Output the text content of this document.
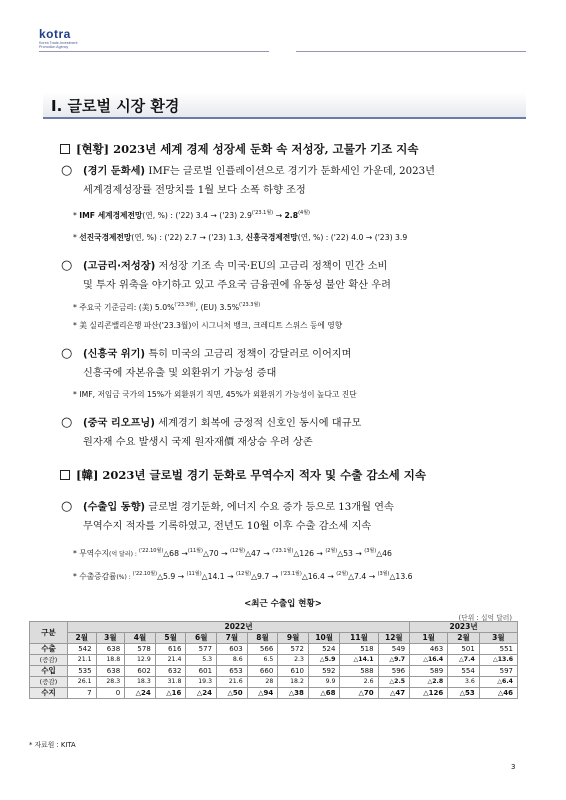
kotra
Korea Trade-Investment
Promotion Agency
Ⅰ. 글로벌 시장 환경
[현황] 2023년 세계 경제 성장세 둔화 속 저성장, 고물가 기조 지속
○ (경기 둔화세) IMF는 글로벌 인플레이션으로 경기가 둔화세인 가운데, 2023년
세계경제성장률 전망치를 1월 보다 소폭 하향 조정
* IMF 세계경제전망(연, %) : ('22) 3.4 → ('23) $2.9^{('23.1월)} \to 2.8^{(4월)}$
* 선진국경제전망(연, %) : ('22) 2.7 → ('23) 1.3, 신흥국경제전망(연, %) : ('22) 4.0 → ('23) 3.9
○ (고금리·저성장) 저성장 기조 속 미국·EU의 고금리 정책이 민간 소비
및 투자 위축을 야기하고 있고 주요국 금융권에 유동성 불안 확산 우려
* 주요국 기준금리: (美) 5.0%$^{('23.3월)}$, (EU) 3.5%$^{('23.3월)}$
* 美 실리콘밸리은행 파산('23.3월)이 시그니처 뱅크, 크레디트 스위스 등에 영향
○ (신흥국 위기) 특히 미국의 고금리 정책이 강달러로 이어지며
신흥국에 자본유출 및 외환위기 가능성 증대
* IMF, 저임금 국가의 15%가 외환위기 직면, 45%가 외환위기 가능성이 높다고 진단
○ (중국 리오프닝) 세계경기 회복에 긍정적 신호인 동시에 대규모
원자재 수요 발생시 국제 원자재價 재상승 우려 상존
[韓] 2023년 글로벌 경기 둔화로 무역수지 적자 및 수출 감소세 지속
○ (수출입 동향) 글로벌 경기둔화, 에너지 수요 증가 등으로 13개월 연속
무역수지 적자를 기록하였고, 전년도 10월 이후 수출 감소세 지속
* 무역수지(억 달러) : $^{('22.10월)}$△68 →$^{(11월)}$△70 → $^{(12월)}$△47 → $^{('23.1월)}$△126 → $^{(2월)}$△53 → $^{(3월)}$△46
* 수출증감률(%) : $^{('22.10월)}$△5.9 → $^{(11월)}$△14.1 → $^{(12월)}$△9.7 → $^{('23.1월)}$△16.4 → $^{(2월)}$△7.4 → $^{(3월)}$△13.6
<최근 수출입 현황>
(단위 : 십억 달러)
구분	2022년											2023년		
	2월	3월	4월	5월	6월	7월	8월	9월	10월	11월	12월	1월	2월	3월
수출	542	638	578	616	577	603	566	572	524	518	549	463	501	551
(증감)	21.1	18.8	12.9	21.4	5.3	8.6	6.5	2.3	△5.9	△14.1	△9.7	△16.4	△7.4	△13.6
수입	535	638	602	632	601	653	660	610	592	588	596	589	554	597
(증감)	26.1	28.3	18.3	31.8	19.3	21.6	28	18.2	9.9	2.6	△2.5	△2.8	3.6	△6.4
수지	7	0	△24	△16	△24	△50	△94	△38	△68	△70	△47	△126	△53	△46
* 자료원 : KITA
3
